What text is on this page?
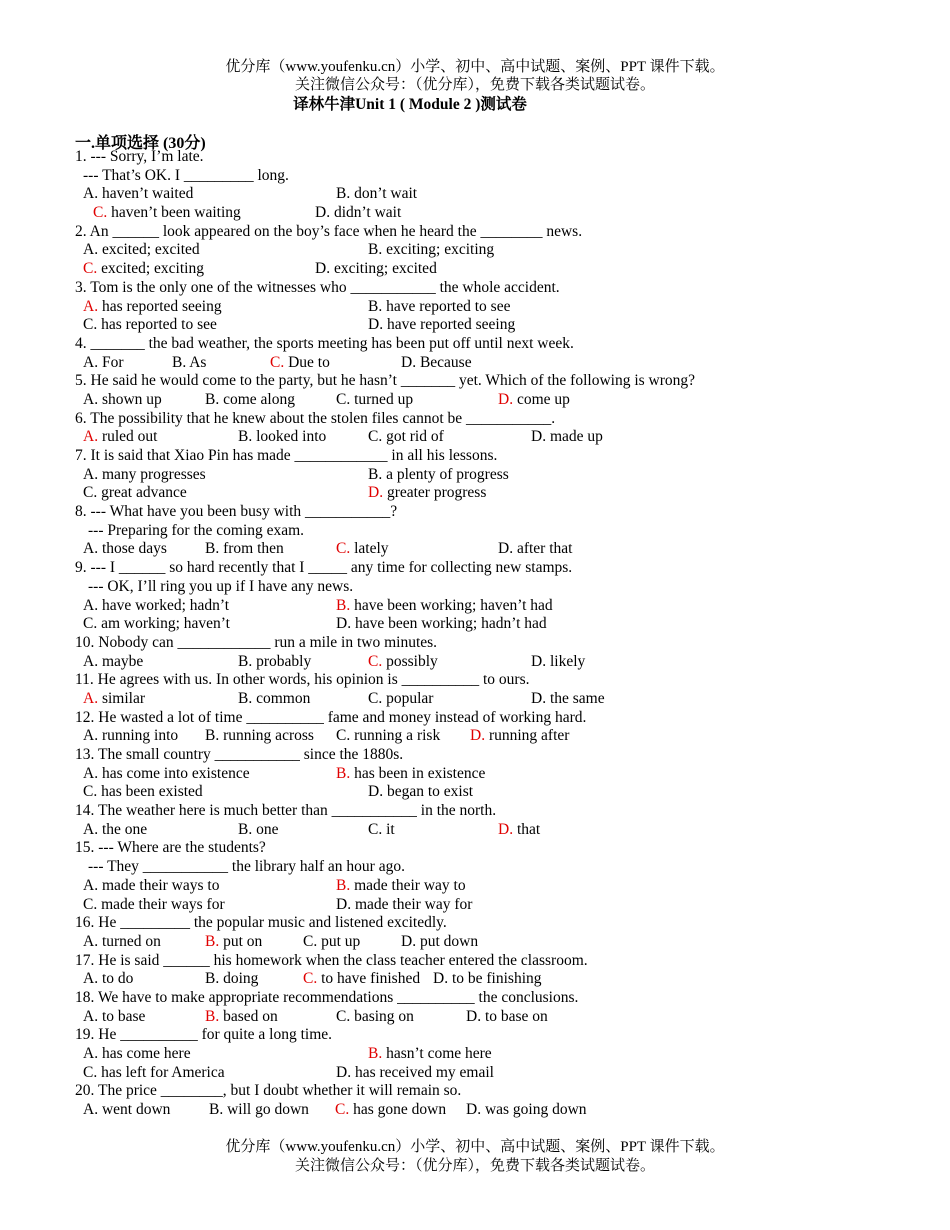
优分库（www.youfenku.cn）小学、初中、高中试题、案例、PPT 课件下载。
关注微信公众号：（优分库），免费下载各类试题试卷。
译林牛津Unit 1 ( Module 2 )测试卷
一.单项选择 (30分)
1. --- Sorry, I’m late.
--- That’s OK. I _________ long.
A. haven’t waited	B. don’t wait
C. haven’t been waiting	D. didn’t wait
2. An ______ look appeared on the boy’s face when he heard the ________ news.
A. excited; excited	B. exciting; exciting
C. excited; exciting	D. exciting; excited
3. Tom is the only one of the witnesses who ___________ the whole accident.
A. has reported seeing	B. have reported to see
C. has reported to see	D. have reported seeing
4. _______ the bad weather, the sports meeting has been put off until next week.
A. For	B. As	C. Due to	D. Because
5. He said he would come to the party, but he hasn’t _______ yet. Which of the following is wrong?
A. shown up	B. come along	C. turned up	D. come up
6. The possibility that he knew about the stolen files cannot be ___________.
A. ruled out	B. looked into	C. got rid of	D. made up
7. It is said that Xiao Pin has made ____________ in all his lessons.
A. many progresses	B. a plenty of progress
C. great advance	D. greater progress
8. --- What have you been busy with ___________?
--- Preparing for the coming exam.
A. those days B. from then	C. lately	D. after that
9. --- I ______ so hard recently that I _____ any time for collecting new stamps.
--- OK, I’ll ring you up if I have any news.
A. have worked; hadn’t	B. have been working; haven’t had
C. am working; haven’t	D. have been working; hadn’t had
10. Nobody can ____________ run a mile in two minutes.
A. maybe	B. probably	C. possibly	D. likely
11. He agrees with us. In other words, his opinion is __________ to ours.
A. similar	B. common	C. popular	D. the same
12. He wasted a lot of time __________ fame and money instead of working hard.
A. running into B. running across C. running a risk D. running after
13. The small country ___________ since the 1880s.
A. has come into existence	B. has been in existence
C. has been existed	D. began to exist
14. The weather here is much better than ___________ in the north.
A. the one	B. one	C. it	D. that
15. --- Where are the students?
--- They ___________ the library half an hour ago.
A. made their ways to	B. made their way to
C. made their ways for	D. made their way for
16. He _________ the popular music and listened excitedly.
A. turned on	B. put on	C. put up	D. put down
17. He is said ______ his homework when the class teacher entered the classroom.
A. to do	B. doing	C. to have finished D. to be finishing
18. We have to make appropriate recommendations __________ the conclusions.
A. to base	B. based on	C. basing on	D. to base on
19. He __________ for quite a long time.
A. has come here	B. hasn’t come here
C. has left for America	D. has received my email
20. The price ________, but I doubt whether it will remain so.
A. went down B. will go down C. has gone down D. was going down
优分库（www.youfenku.cn）小学、初中、高中试题、案例、PPT 课件下载。
关注微信公众号：（优分库），免费下载各类试题试卷。
